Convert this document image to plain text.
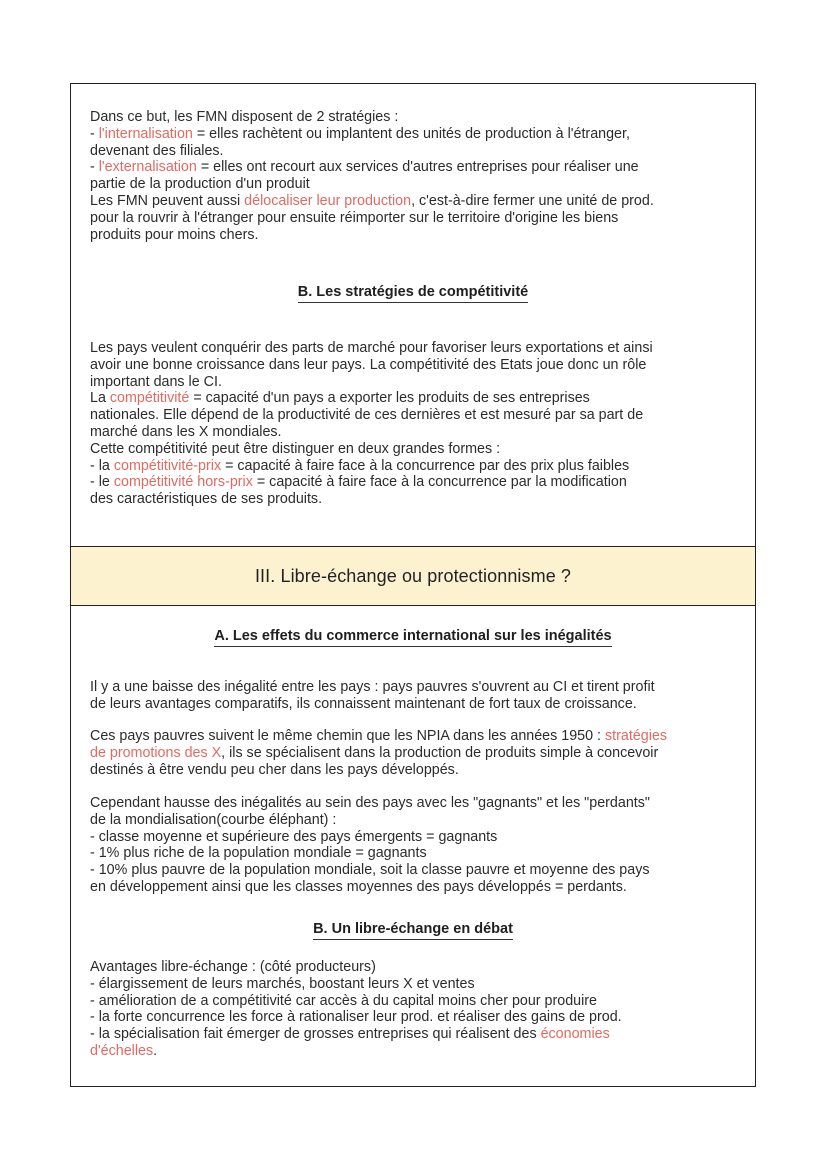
Dans ce but, les FMN disposent de 2 stratégies :
- l'internalisation = elles rachètent ou implantent des unités de production à l'étranger,
devenant des filiales.
- l'externalisation = elles ont recourt aux services d'autres entreprises pour réaliser une
partie de la production d'un produit
Les FMN peuvent aussi délocaliser leur production, c'est-à-dire fermer une unité de prod.
pour la rouvrir à l'étranger pour ensuite réimporter sur le territoire d'origine les biens
produits pour moins chers.
B. Les stratégies de compétitivité
Les pays veulent conquérir des parts de marché pour favoriser leurs exportations et ainsi
avoir une bonne croissance dans leur pays. La compétitivité des Etats joue donc un rôle
important dans le CI.
La compétitivité = capacité d'un pays a exporter les produits de ses entreprises
nationales. Elle dépend de la productivité de ces dernières et est mesuré par sa part de
marché dans les X mondiales.
Cette compétitivité peut être distinguer en deux grandes formes :
- la compétitivité-prix = capacité à faire face à la concurrence par des prix plus faibles
- le compétitivité hors-prix = capacité à faire face à la concurrence par la modification
des caractéristiques de ses produits.
III. Libre-échange ou protectionnisme ?
A. Les effets du commerce international sur les inégalités
Il y a une baisse des inégalité entre les pays : pays pauvres s'ouvrent au CI et tirent profit
de leurs avantages comparatifs, ils connaissent maintenant de fort taux de croissance.
Ces pays pauvres suivent le même chemin que les NPIA dans les années 1950 : stratégies
de promotions des X, ils se spécialisent dans la production de produits simple à concevoir
destinés à être vendu peu cher dans les pays développés.
Cependant hausse des inégalités au sein des pays avec les "gagnants" et les "perdants"
de la mondialisation(courbe éléphant) :
- classe moyenne et supérieure des pays émergents = gagnants
- 1% plus riche de la population mondiale = gagnants
- 10% plus pauvre de la population mondiale, soit la classe pauvre et moyenne des pays
en développement ainsi que les classes moyennes des pays développés = perdants.
B. Un libre-échange en débat
Avantages libre-échange : (côté producteurs)
- élargissement de leurs marchés, boostant leurs X et ventes
- amélioration de a compétitivité car accès à du capital moins cher pour produire
- la forte concurrence les force à rationaliser leur prod. et réaliser des gains de prod.
- la spécialisation fait émerger de grosses entreprises qui réalisent des économies
d'échelles.
